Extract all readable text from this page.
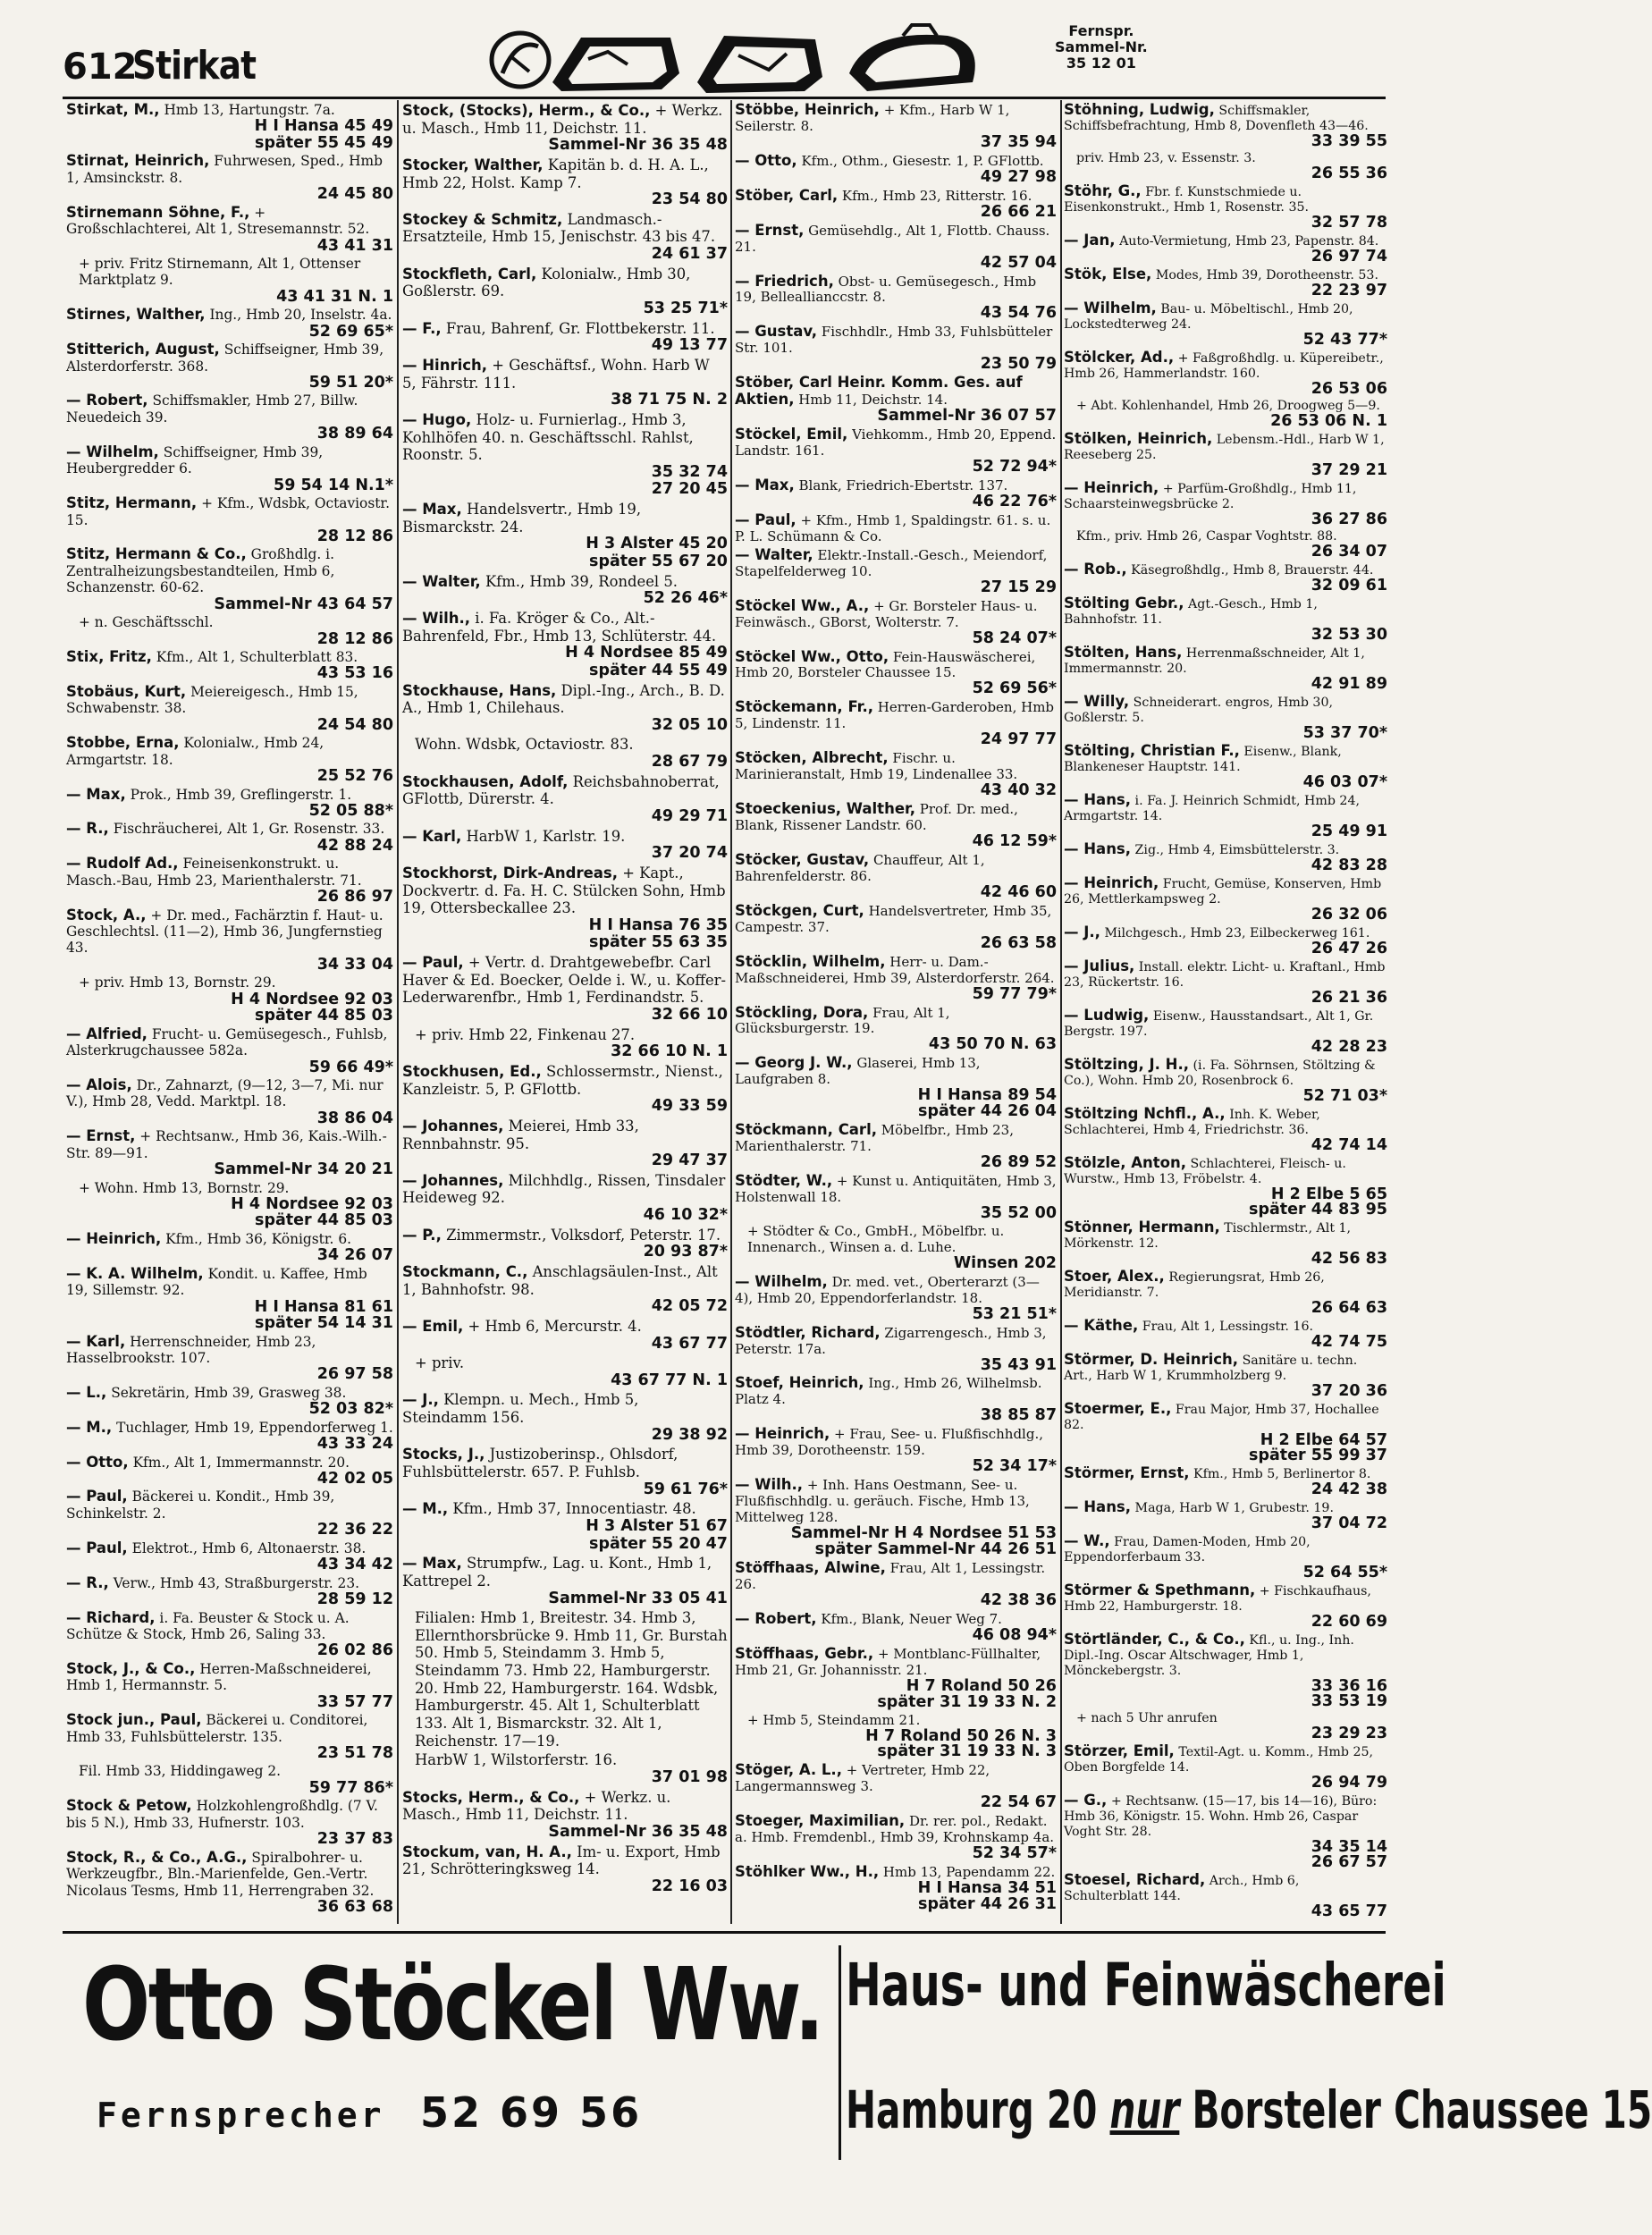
612
Stirkat
Fernspr.
Sammel-Nr.
35 12 01
Stirkat, M., Hmb 13, Hartungstr. 7a.
H I Hansa 45 49
später 55 45 49
Stirnat, Heinrich, Fuhrwesen, Sped., Hmb 1, Amsinckstr. 8.
24 45 80
Stirnemann Söhne, F., + Großschlachterei, Alt 1, Stresemannstr. 52.
43 41 31
+ priv. Fritz Stirnemann, Alt 1, Ottenser Marktplatz 9.
43 41 31 N. 1
Stirnes, Walther, Ing., Hmb 20, Inselstr. 4a.
52 69 65*
Stitterich, August, Schiffseigner, Hmb 39, Alsterdorferstr. 368.
59 51 20*
— Robert, Schiffsmakler, Hmb 27, Billw. Neuedeich 39.
38 89 64
— Wilhelm, Schiffseigner, Hmb 39, Heubergredder 6.
59 54 14 N.1*
Stitz, Hermann, + Kfm., Wdsbk, Octaviostr. 15.
28 12 86
Stitz, Hermann & Co., Großhdlg. i. Zentralheizungsbestandteilen, Hmb 6, Schanzenstr. 60-62.
Sammel-Nr 43 64 57
+ n. Geschäftsschl.
28 12 86
Stix, Fritz, Kfm., Alt 1, Schulterblatt 83.
43 53 16
Stobäus, Kurt, Meiereigesch., Hmb 15, Schwabenstr. 38.
24 54 80
Stobbe, Erna, Kolonialw., Hmb 24, Armgartstr. 18.
25 52 76
— Max, Prok., Hmb 39, Greflingerstr. 1.
52 05 88*
— R., Fischräucherei, Alt 1, Gr. Rosenstr. 33.
42 88 24
— Rudolf Ad., Feineisenkonstrukt. u. Masch.-Bau, Hmb 23, Marienthalerstr. 71.
26 86 97
Stock, A., + Dr. med., Fachärztin f. Haut- u. Geschlechtsl. (11—2), Hmb 36, Jungfernstieg 43.
34 33 04
+ priv. Hmb 13, Bornstr. 29.
H 4 Nordsee 92 03
später 44 85 03
— Alfried, Frucht- u. Gemüsegesch., Fuhlsb, Alsterkrugchaussee 582a.
59 66 49*
— Alois, Dr., Zahnarzt, (9—12, 3—7, Mi. nur V.), Hmb 28, Vedd. Marktpl. 18.
38 86 04
— Ernst, + Rechtsanw., Hmb 36, Kais.-Wilh.-Str. 89—91.
Sammel-Nr 34 20 21
+ Wohn. Hmb 13, Bornstr. 29.
H 4 Nordsee 92 03
später 44 85 03
— Heinrich, Kfm., Hmb 36, Königstr. 6.
34 26 07
— K. A. Wilhelm, Kondit. u. Kaffee, Hmb 19, Sillemstr. 92.
H I Hansa 81 61
später 54 14 31
— Karl, Herrenschneider, Hmb 23, Hasselbrookstr. 107.
26 97 58
— L., Sekretärin, Hmb 39, Grasweg 38.
52 03 82*
— M., Tuchlager, Hmb 19, Eppendorferweg 1.
43 33 24
— Otto, Kfm., Alt 1, Immermannstr. 20.
42 02 05
— Paul, Bäckerei u. Kondit., Hmb 39, Schinkelstr. 2.
22 36 22
— Paul, Elektrot., Hmb 6, Altonaerstr. 38.
43 34 42
— R., Verw., Hmb 43, Straßburgerstr. 23.
28 59 12
— Richard, i. Fa. Beuster & Stock u. A. Schütze & Stock, Hmb 26, Saling 33.
26 02 86
Stock, J., & Co., Herren-Maßschneiderei, Hmb 1, Hermannstr. 5.
33 57 77
Stock jun., Paul, Bäckerei u. Conditorei, Hmb 33, Fuhlsbüttelerstr. 135.
23 51 78
Fil. Hmb 33, Hiddingaweg 2.
59 77 86*
Stock & Petow, Holzkohlengroßhdlg. (7 V. bis 5 N.), Hmb 33, Hufnerstr. 103.
23 37 83
Stock, R., & Co., A.G., Spiralbohrer- u. Werkzeugfbr., Bln.-Marienfelde, Gen.-Vertr. Nicolaus Tesms, Hmb 11, Herrengraben 32.
36 63 68
Stock, (Stocks), Herm., & Co., + Werkz. u. Masch., Hmb 11, Deichstr. 11.
Sammel-Nr 36 35 48
Stocker, Walther, Kapitän b. d. H. A. L., Hmb 22, Holst. Kamp 7.
23 54 80
Stockey & Schmitz, Landmasch.-Ersatzteile, Hmb 15, Jenischstr. 43 bis 47.
24 61 37
Stockfleth, Carl, Kolonialw., Hmb 30, Goßlerstr. 69.
53 25 71*
— F., Frau, Bahrenf, Gr. Flottbekerstr. 11.
49 13 77
— Hinrich, + Geschäftsf., Wohn. Harb W 5, Fährstr. 111.
38 71 75 N. 2
— Hugo, Holz- u. Furnierlag., Hmb 3, Kohlhöfen 40. n. Geschäftsschl. Rahlst, Roonstr. 5.
35 32 74
27 20 45
— Max, Handelsvertr., Hmb 19, Bismarckstr. 24.
H 3 Alster 45 20
später 55 67 20
— Walter, Kfm., Hmb 39, Rondeel 5.
52 26 46*
— Wilh., i. Fa. Kröger & Co., Alt.-Bahrenfeld, Fbr., Hmb 13, Schlüterstr. 44.
H 4 Nordsee 85 49
später 44 55 49
Stockhause, Hans, Dipl.-Ing., Arch., B. D. A., Hmb 1, Chilehaus.
32 05 10
Wohn. Wdsbk, Octaviostr. 83.
28 67 79
Stockhausen, Adolf, Reichsbahnoberrat, GFlottb, Dürerstr. 4.
49 29 71
— Karl, HarbW 1, Karlstr. 19.
37 20 74
Stockhorst, Dirk-Andreas, + Kapt., Dockvertr. d. Fa. H. C. Stülcken Sohn, Hmb 19, Ottersbeckallee 23.
H I Hansa 76 35
später 55 63 35
— Paul, + Vertr. d. Drahtgewebefbr. Carl Haver & Ed. Boecker, Oelde i. W., u. Koffer-Lederwarenfbr., Hmb 1, Ferdinandstr. 5.
32 66 10
+ priv. Hmb 22, Finkenau 27.
32 66 10 N. 1
Stockhusen, Ed., Schlossermstr., Nienst., Kanzleistr. 5, P. GFlottb.
49 33 59
— Johannes, Meierei, Hmb 33, Rennbahnstr. 95.
29 47 37
— Johannes, Milchhdlg., Rissen, Tinsdaler Heideweg 92.
46 10 32*
— P., Zimmermstr., Volksdorf, Peterstr. 17.
20 93 87*
Stockmann, C., Anschlagsäulen-Inst., Alt 1, Bahnhofstr. 98.
42 05 72
— Emil, + Hmb 6, Mercurstr. 4.
43 67 77
+ priv.
43 67 77 N. 1
— J., Klempn. u. Mech., Hmb 5, Steindamm 156.
29 38 92
Stocks, J., Justizoberinsp., Ohlsdorf, Fuhlsbüttelerstr. 657. P. Fuhlsb.
59 61 76*
— M., Kfm., Hmb 37, Innocentiastr. 48.
H 3 Alster 51 67
später 55 20 47
— Max, Strumpfw., Lag. u. Kont., Hmb 1, Kattrepel 2.
Sammel-Nr 33 05 41
Filialen: Hmb 1, Breitestr. 34. Hmb 3, Ellernthorsbrücke 9. Hmb 11, Gr. Burstah 50. Hmb 5, Steindamm 3. Hmb 5, Steindamm 73. Hmb 22, Hamburgerstr. 20. Hmb 22, Hamburgerstr. 164. Wdsbk, Hamburgerstr. 45. Alt 1, Schulterblatt 133. Alt 1, Bismarckstr. 32. Alt 1, Reichenstr. 17—19.
HarbW 1, Wilstorferstr. 16.
37 01 98
Stocks, Herm., & Co., + Werkz. u. Masch., Hmb 11, Deichstr. 11.
Sammel-Nr 36 35 48
Stockum, van, H. A., Im- u. Export, Hmb 21, Schrötteringksweg 14.
22 16 03
Stöbbe, Heinrich, + Kfm., Harb W 1, Seilerstr. 8.
37 35 94
— Otto, Kfm., Othm., Giesestr. 1, P. GFlottb.
49 27 98
Stöber, Carl, Kfm., Hmb 23, Ritterstr. 16.
26 66 21
— Ernst, Gemüsehdlg., Alt 1, Flottb. Chauss. 21.
42 57 04
— Friedrich, Obst- u. Gemüsegesch., Hmb 19, Belleallianccstr. 8.
43 54 76
— Gustav, Fischhdlr., Hmb 33, Fuhlsbütteler Str. 101.
23 50 79
Stöber, Carl Heinr. Komm. Ges. auf Aktien, Hmb 11, Deichstr. 14.
Sammel-Nr 36 07 57
Stöckel, Emil, Viehkomm., Hmb 20, Eppend. Landstr. 161.
52 72 94*
— Max, Blank, Friedrich-Ebertstr. 137.
46 22 76*
— Paul, + Kfm., Hmb 1, Spaldingstr. 61. s. u. P. L. Schümann & Co.
— Walter, Elektr.-Install.-Gesch., Meiendorf, Stapelfelderweg 10.
27 15 29
Stöckel Ww., A., + Gr. Borsteler Haus- u. Feinwäsch., GBorst, Wolterstr. 7.
58 24 07*
Stöckel Ww., Otto, Fein-Hauswäscherei, Hmb 20, Borsteler Chaussee 15.
52 69 56*
Stöckemann, Fr., Herren-Garderoben, Hmb 5, Lindenstr. 11.
24 97 77
Stöcken, Albrecht, Fischr. u. Marinieranstalt, Hmb 19, Lindenallee 33.
43 40 32
Stoeckenius, Walther, Prof. Dr. med., Blank, Rissener Landstr. 60.
46 12 59*
Stöcker, Gustav, Chauffeur, Alt 1, Bahrenfelderstr. 86.
42 46 60
Stöckgen, Curt, Handelsvertreter, Hmb 35, Campestr. 37.
26 63 58
Stöcklin, Wilhelm, Herr- u. Dam.-Maßschneiderei, Hmb 39, Alsterdorferstr. 264.
59 77 79*
Stöckling, Dora, Frau, Alt 1, Glücksburgerstr. 19.
43 50 70 N. 63
— Georg J. W., Glaserei, Hmb 13, Laufgraben 8.
H I Hansa 89 54
später 44 26 04
Stöckmann, Carl, Möbelfbr., Hmb 23, Marienthalerstr. 71.
26 89 52
Stödter, W., + Kunst u. Antiquitäten, Hmb 3, Holstenwall 18.
35 52 00
+ Stödter & Co., GmbH., Möbelfbr. u. Innenarch., Winsen a. d. Luhe.
Winsen 202
— Wilhelm, Dr. med. vet., Oberterarzt (3—4), Hmb 20, Eppendorferlandstr. 18.
53 21 51*
Stödtler, Richard, Zigarrengesch., Hmb 3, Peterstr. 17a.
35 43 91
Stoef, Heinrich, Ing., Hmb 26, Wilhelmsb. Platz 4.
38 85 87
— Heinrich, + Frau, See- u. Flußfischhdlg., Hmb 39, Dorotheenstr. 159.
52 34 17*
— Wilh., + Inh. Hans Oestmann, See- u. Flußfischhdlg. u. geräuch. Fische, Hmb 13, Mittelweg 128.
Sammel-Nr H 4 Nordsee 51 53
später Sammel-Nr 44 26 51
Stöffhaas, Alwine, Frau, Alt 1, Lessingstr. 26.
42 38 36
— Robert, Kfm., Blank, Neuer Weg 7.
46 08 94*
Stöffhaas, Gebr., + Montblanc-Füllhalter, Hmb 21, Gr. Johannisstr. 21.
H 7 Roland 50 26
später 31 19 33 N. 2
+ Hmb 5, Steindamm 21.
H 7 Roland 50 26 N. 3
später 31 19 33 N. 3
Stöger, A. L., + Vertreter, Hmb 22, Langermannsweg 3.
22 54 67
Stoeger, Maximilian, Dr. rer. pol., Redakt. a. Hmb. Fremdenbl., Hmb 39, Krohnskamp 4a.
52 34 57*
Stöhlker Ww., H., Hmb 13, Papendamm 22.
H I Hansa 34 51
später 44 26 31
Stöhning, Ludwig, Schiffsmakler, Schiffsbefrachtung, Hmb 8, Dovenfleth 43—46.
33 39 55
priv. Hmb 23, v. Essenstr. 3.
26 55 36
Stöhr, G., Fbr. f. Kunstschmiede u. Eisenkonstrukt., Hmb 1, Rosenstr. 35.
32 57 78
— Jan, Auto-Vermietung, Hmb 23, Papenstr. 84.
26 97 74
Stök, Else, Modes, Hmb 39, Dorotheenstr. 53.
22 23 97
— Wilhelm, Bau- u. Möbeltischl., Hmb 20, Lockstedterweg 24.
52 43 77*
Stölcker, Ad., + Faßgroßhdlg. u. Küpereibetr., Hmb 26, Hammerlandstr. 160.
26 53 06
+ Abt. Kohlenhandel, Hmb 26, Droogweg 5—9.
26 53 06 N. 1
Stölken, Heinrich, Lebensm.-Hdl., Harb W 1, Reeseberg 25.
37 29 21
— Heinrich, + Parfüm-Großhdlg., Hmb 11, Schaarsteinwegsbrücke 2.
36 27 86
Kfm., priv. Hmb 26, Caspar Voghtstr. 88.
26 34 07
— Rob., Käsegroßhdlg., Hmb 8, Brauerstr. 44.
32 09 61
Stölting Gebr., Agt.-Gesch., Hmb 1, Bahnhofstr. 11.
32 53 30
Stölten, Hans, Herrenmaßschneider, Alt 1, Immermannstr. 20.
42 91 89
— Willy, Schneiderart. engros, Hmb 30, Goßlerstr. 5.
53 37 70*
Stölting, Christian F., Eisenw., Blank, Blankeneser Hauptstr. 141.
46 03 07*
— Hans, i. Fa. J. Heinrich Schmidt, Hmb 24, Armgartstr. 14.
25 49 91
— Hans, Zig., Hmb 4, Eimsbüttelerstr. 3.
42 83 28
— Heinrich, Frucht, Gemüse, Konserven, Hmb 26, Mettlerkampsweg 2.
26 32 06
— J., Milchgesch., Hmb 23, Eilbeckerweg 161.
26 47 26
— Julius, Install. elektr. Licht- u. Kraftanl., Hmb 23, Rückertstr. 16.
26 21 36
— Ludwig, Eisenw., Hausstandsart., Alt 1, Gr. Bergstr. 197.
42 28 23
Stöltzing, J. H., (i. Fa. Söhrnsen, Stöltzing & Co.), Wohn. Hmb 20, Rosenbrock 6.
52 71 03*
Stöltzing Nchfl., A., Inh. K. Weber, Schlachterei, Hmb 4, Friedrichstr. 36.
42 74 14
Stölzle, Anton, Schlachterei, Fleisch- u. Wurstw., Hmb 13, Fröbelstr. 4.
H 2 Elbe 5 65
später 44 83 95
Stönner, Hermann, Tischlermstr., Alt 1, Mörkenstr. 12.
42 56 83
Stoer, Alex., Regierungsrat, Hmb 26, Meridianstr. 7.
26 64 63
— Käthe, Frau, Alt 1, Lessingstr. 16.
42 74 75
Störmer, D. Heinrich, Sanitäre u. techn. Art., Harb W 1, Krummholzberg 9.
37 20 36
Stoermer, E., Frau Major, Hmb 37, Hochallee 82.
H 2 Elbe 64 57
später 55 99 37
Störmer, Ernst, Kfm., Hmb 5, Berlinertor 8.
24 42 38
— Hans, Maga, Harb W 1, Grubestr. 19.
37 04 72
— W., Frau, Damen-Moden, Hmb 20, Eppendorferbaum 33.
52 64 55*
Störmer & Spethmann, + Fischkaufhaus, Hmb 22, Hamburgerstr. 18.
22 60 69
Störtländer, C., & Co., Kfl., u. Ing., Inh. Dipl.-Ing. Oscar Altschwager, Hmb 1, Mönckebergstr. 3.
33 36 16
33 53 19
+ nach 5 Uhr anrufen
23 29 23
Störzer, Emil, Textil-Agt. u. Komm., Hmb 25, Oben Borgfelde 14.
26 94 79
— G., + Rechtsanw. (15—17, bis 14—16), Büro: Hmb 36, Königstr. 15. Wohn. Hmb 26, Caspar Voght Str. 28.
34 35 14
26 67 57
Stoesel, Richard, Arch., Hmb 6, Schulterblatt 144.
43 65 77
Otto Stöckel Ww. Haus- und Feinwäscherei
Fernsprecher 52 69 56	Hamburg 20 nur Borsteler Chaussee 15
